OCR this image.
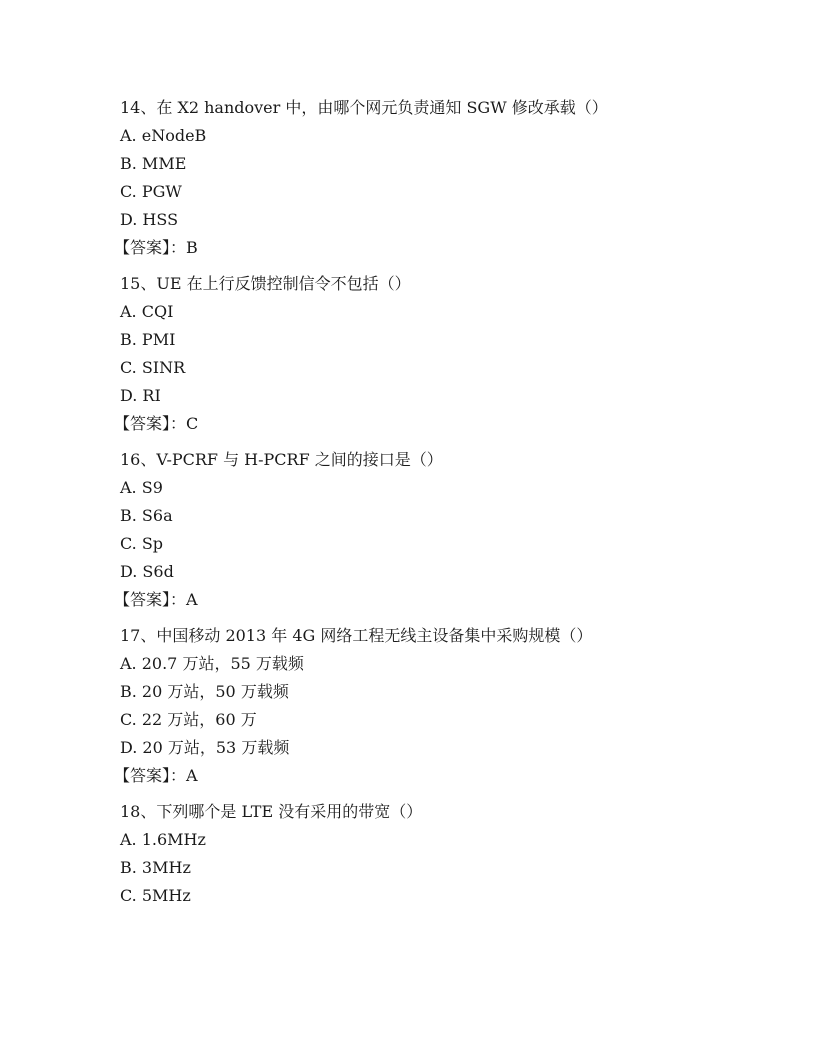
14、在 X2 handover 中，由哪个网元负责通知 SGW 修改承载（）
A. eNodeB
B. MME
C. PGW
D. HSS
【答案】：B
15、UE 在上行反馈控制信令不包括（）
A. CQI
B. PMI
C. SINR
D. RI
【答案】：C
16、V-PCRF 与 H-PCRF 之间的接口是（）
A. S9
B. S6a
C. Sp
D. S6d
【答案】：A
17、中国移动 2013 年 4G 网络工程无线主设备集中采购规模（）
A. 20.7 万站，55 万载频
B. 20 万站，50 万载频
C. 22 万站，60 万
D. 20 万站，53 万载频
【答案】：A
18、下列哪个是 LTE 没有采用的带宽（）
A. 1.6MHz
B. 3MHz
C. 5MHz
